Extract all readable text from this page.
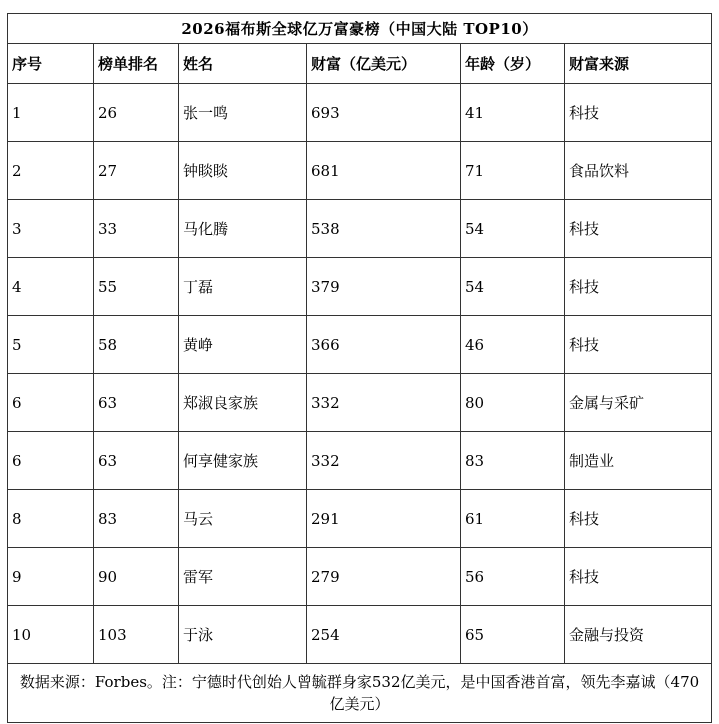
2026福布斯全球亿万富豪榜（中国大陆 TOP10）					
序号	榜单排名	姓名	财富（亿美元）	年龄（岁）	财富来源
1	26	张一鸣	693	41	科技
2	27	钟睒睒	681	71	食品饮料
3	33	马化腾	538	54	科技
4	55	丁磊	379	54	科技
5	58	黄峥	366	46	科技
6	63	郑淑良家族	332	80	金属与采矿
6	63	何享健家族	332	83	制造业
8	83	马云	291	61	科技
9	90	雷军	279	56	科技
10	103	于泳	254	65	金融与投资
数据来源：Forbes。注：宁德时代创始人曾毓群身家532亿美元，是中国香港首富，领先李嘉诚（470亿美元）					
